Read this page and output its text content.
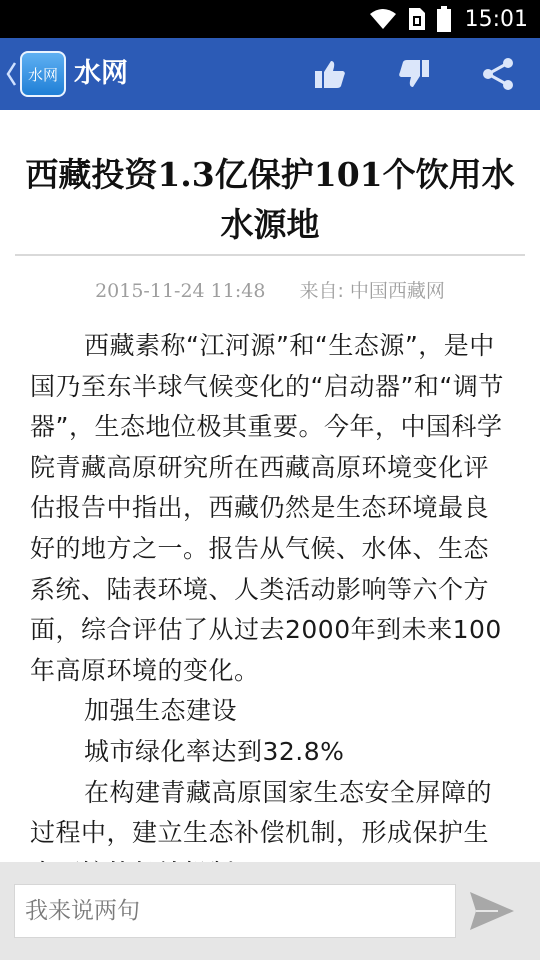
15:01
水网 水网
西藏投资1.3亿保护101个饮用水水源地
2015-11-24 11:48 来自: 中国西藏网

西藏素称“江河源”和“生态源”，是中国乃至东半球气候变化的“启动器”和“调节器”，生态地位极其重要。今年，中国科学院青藏高原研究所在西藏高原环境变化评估报告中指出，西藏仍然是生态环境最良好的地方之一。报告从气候、水体、生态系统、陆表环境、人类活动影响等六个方面，综合评估了从过去2000年到未来100年高原环境的变化。

加强生态建设

城市绿化率达到32.8%

在构建青藏高原国家生态安全屏障的过程中，建立生态补偿机制，形成保护生

我来说两句
